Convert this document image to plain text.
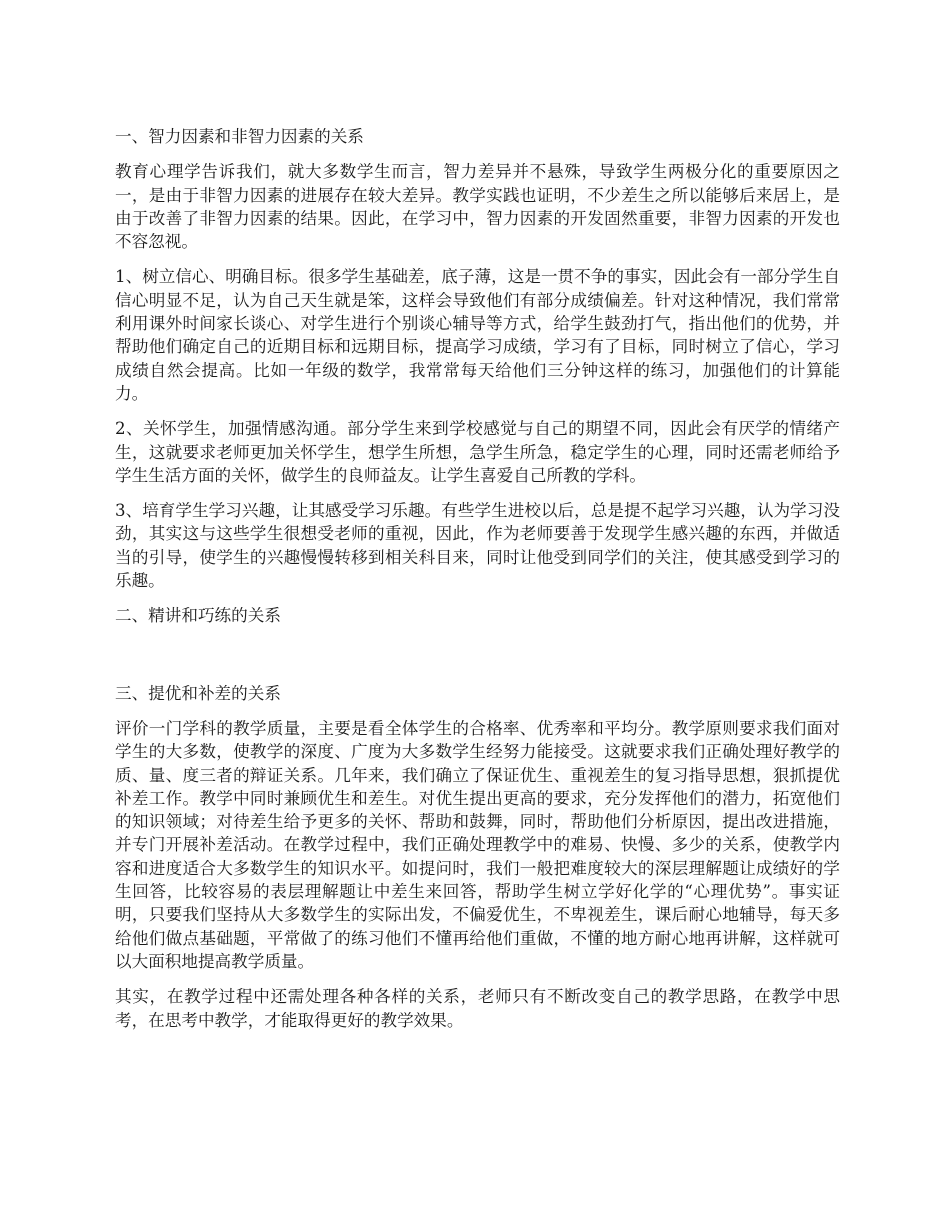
一、智力因素和非智力因素的关系
教育心理学告诉我们，就大多数学生而言，智力差异并不悬殊，导致学生两极分化的重要原因之一，是由于非智力因素的进展存在较大差异。教学实践也证明，不少差生之所以能够后来居上，是由于改善了非智力因素的结果。因此，在学习中，智力因素的开发固然重要，非智力因素的开发也不容忽视。
1、树立信心、明确目标。很多学生基础差，底子薄，这是一贯不争的事实，因此会有一部分学生自信心明显不足，认为自己天生就是笨，这样会导致他们有部分成绩偏差。针对这种情况，我们常常利用课外时间家长谈心、对学生进行个别谈心辅导等方式，给学生鼓劲打气，指出他们的优势，并帮助他们确定自己的近期目标和远期目标，提高学习成绩，学习有了目标，同时树立了信心，学习成绩自然会提高。比如一年级的数学，我常常每天给他们三分钟这样的练习，加强他们的计算能力。
2、关怀学生，加强情感沟通。部分学生来到学校感觉与自己的期望不同，因此会有厌学的情绪产生，这就要求老师更加关怀学生，想学生所想，急学生所急，稳定学生的心理，同时还需老师给予学生生活方面的关怀，做学生的良师益友。让学生喜爱自己所教的学科。
3、培育学生学习兴趣，让其感受学习乐趣。有些学生进校以后，总是提不起学习兴趣，认为学习没劲，其实这与这些学生很想受老师的重视，因此，作为老师要善于发现学生感兴趣的东西，并做适当的引导，使学生的兴趣慢慢转移到相关科目来，同时让他受到同学们的关注，使其感受到学习的乐趣。
二、精讲和巧练的关系
三、提优和补差的关系
评价一门学科的教学质量，主要是看全体学生的合格率、优秀率和平均分。教学原则要求我们面对学生的大多数，使教学的深度、广度为大多数学生经努力能接受。这就要求我们正确处理好教学的质、量、度三者的辩证关系。几年来，我们确立了保证优生、重视差生的复习指导思想，狠抓提优补差工作。教学中同时兼顾优生和差生。对优生提出更高的要求，充分发挥他们的潜力，拓宽他们的知识领域；对待差生给予更多的关怀、帮助和鼓舞，同时，帮助他们分析原因，提出改进措施，并专门开展补差活动。在教学过程中，我们正确处理教学中的难易、快慢、多少的关系，使教学内容和进度适合大多数学生的知识水平。如提问时，我们一般把难度较大的深层理解题让成绩好的学生回答，比较容易的表层理解题让中差生来回答，帮助学生树立学好化学的“心理优势”。事实证明，只要我们坚持从大多数学生的实际出发，不偏爱优生，不卑视差生，课后耐心地辅导，每天多给他们做点基础题，平常做了的练习他们不懂再给他们重做，不懂的地方耐心地再讲解，这样就可以大面积地提高教学质量。
其实，在教学过程中还需处理各种各样的关系，老师只有不断改变自己的教学思路，在教学中思考，在思考中教学，才能取得更好的教学效果。
